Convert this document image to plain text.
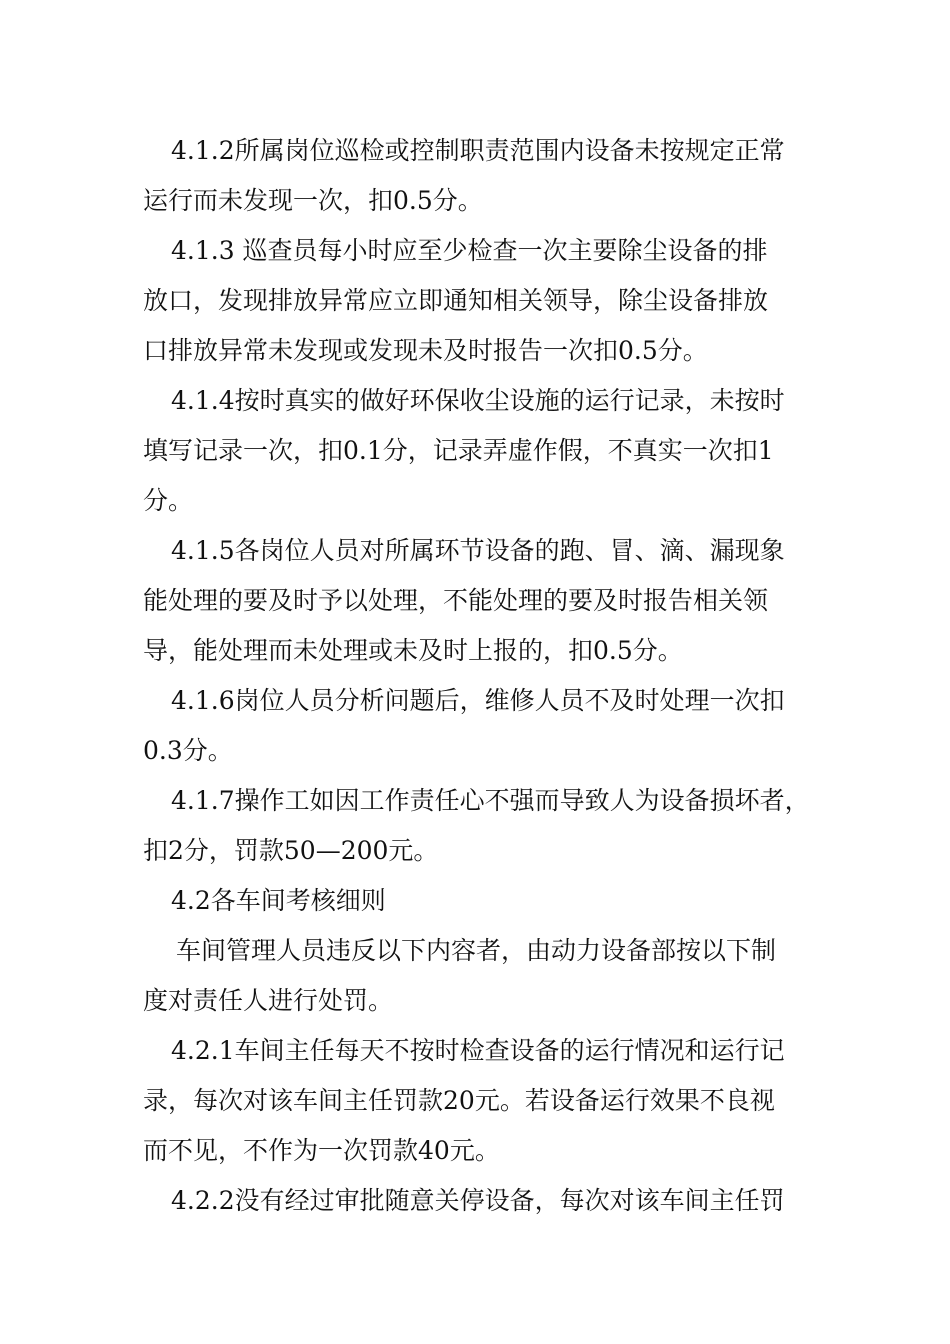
4.1.2所属岗位巡检或控制职责范围内设备未按规定正常
运行而未发现一次，扣0.5分。
4.1.3 巡查员每小时应至少检查一次主要除尘设备的排
放口，发现排放异常应立即通知相关领导，除尘设备排放
口排放异常未发现或发现未及时报告一次扣0.5分。
4.1.4按时真实的做好环保收尘设施的运行记录，未按时
填写记录一次，扣0.1分，记录弄虚作假，不真实一次扣1
分。
4.1.5各岗位人员对所属环节设备的跑、冒、滴、漏现象
能处理的要及时予以处理，不能处理的要及时报告相关领
导，能处理而未处理或未及时上报的，扣0.5分。
4.1.6岗位人员分析问题后，维修人员不及时处理一次扣
0.3分。
4.1.7操作工如因工作责任心不强而导致人为设备损坏者，
扣2分，罚款50—200元。
4.2各车间考核细则
车间管理人员违反以下内容者，由动力设备部按以下制
度对责任人进行处罚。
4.2.1车间主任每天不按时检查设备的运行情况和运行记
录，每次对该车间主任罚款20元。若设备运行效果不良视
而不见，不作为一次罚款40元。
4.2.2没有经过审批随意关停设备，每次对该车间主任罚
